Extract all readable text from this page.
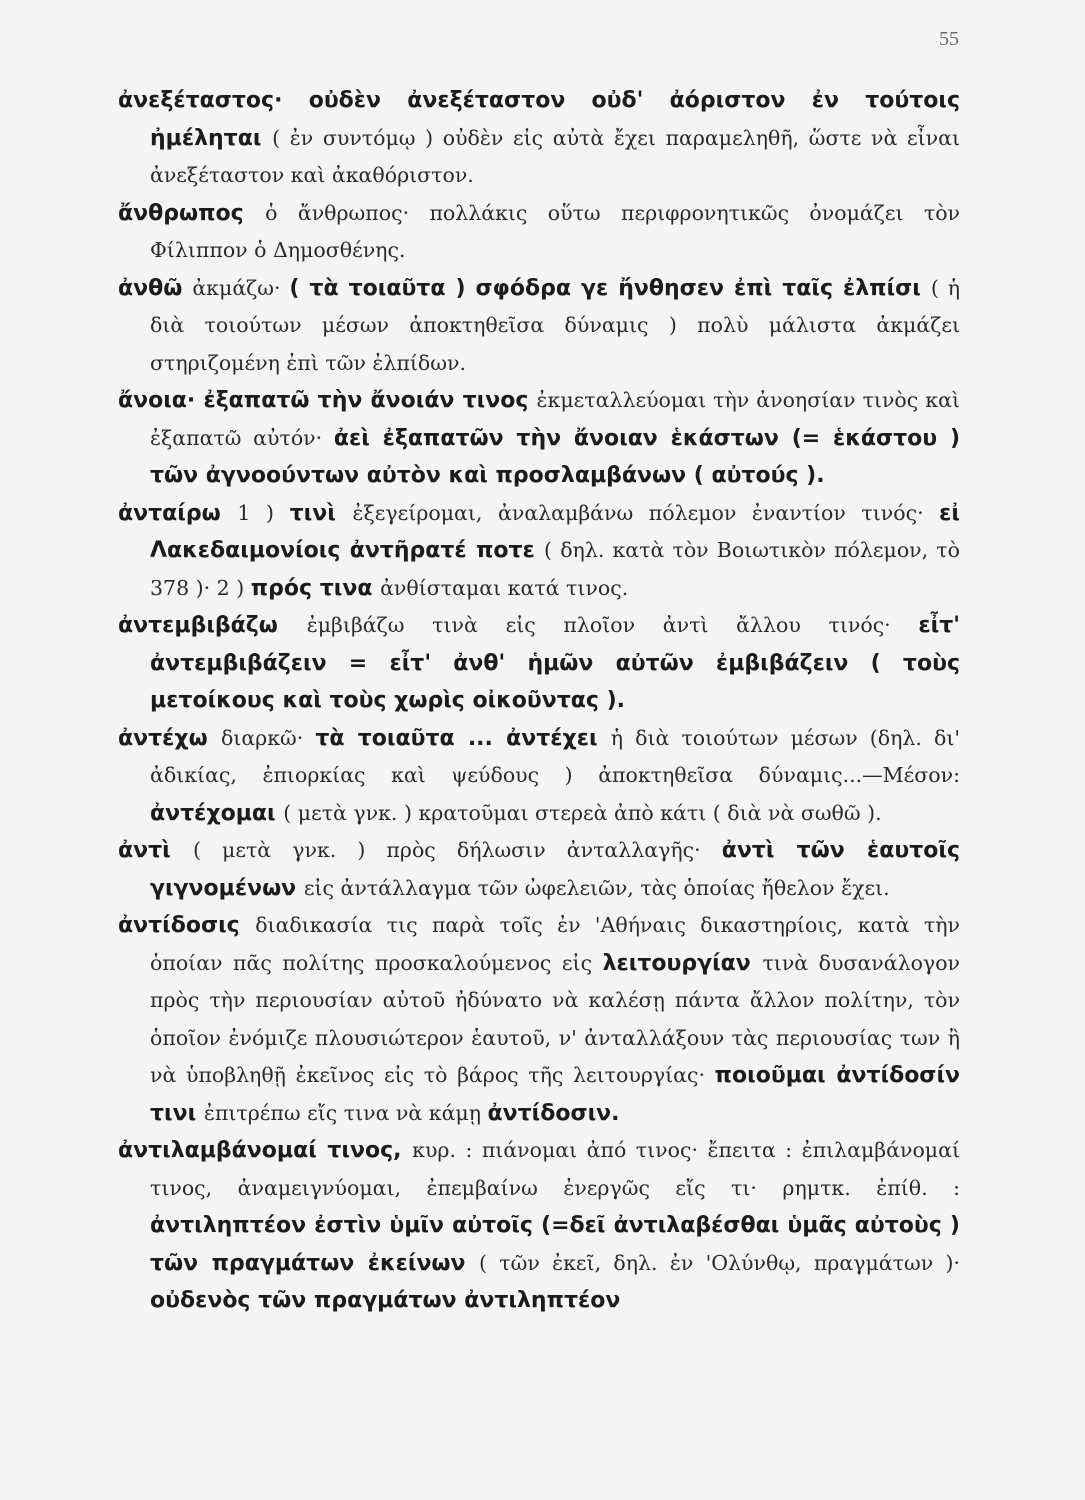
55
ἀνεξέταστος· οὐδὲν ἀνεξέταστον οὐδ' ἀόριστον ἐν τούτοις ἠμέληται ( ἐν συντόμῳ ) οὐδὲν εἰς αὐτὰ ἔχει παραμεληθῆ, ὥστε νὰ εἶναι ἀνεξέταστον καὶ ἀκαθόριστον.
ἄνθρωπος ὁ ἄνθρωπος· πολλάκις οὕτω περιφρονητικῶς ὀνομάζει τὸν Φίλιππον ὁ Δημοσθένης.
ἀνθῶ ἀκμάζω· ( τὰ τοιαῦτα ) σφόδρα γε ἤνθησεν ἐπὶ ταῖς ἐλπίσι ( ἡ διὰ τοιούτων μέσων ἀποκτηθεῖσα δύναμις ) πολὺ μάλιστα ἀκμάζει στηριζομένη ἐπὶ τῶν ἐλπίδων.
ἄνοια· ἐξαπατῶ τὴν ἄνοιάν τινος ἐκμεταλλεύομαι τὴν ἀνοησίαν τινὸς καὶ ἐξαπατῶ αὐτόν· ἀεὶ ἐξαπατῶν τὴν ἄνοιαν ἑκάστων (= ἑκάστου ) τῶν ἀγνοούντων αὐτὸν καὶ προσλαμβάνων ( αὐτούς ).
ἀνταίρω 1 ) τινὶ ἐξεγείρομαι, ἀναλαμβάνω πόλεμον ἐναντίον τινός· εἰ Λακεδαιμονίοις ἀντῆρατέ ποτε ( δηλ. κατὰ τὸν Βοιωτικὸν πόλεμον, τὸ 378 )· 2 ) πρός τινα ἀνθίσταμαι κατά τινος.
ἀντεμβιβάζω ἐμβιβάζω τινὰ εἰς πλοῖον ἀντὶ ἄλλου τινός· εἶτ' ἀντεμβιβάζειν = εἶτ' ἀνθ' ἡμῶν αὐτῶν ἐμβιβάζειν ( τοὺς μετοίκους καὶ τοὺς χωρὶς οἰκοῦντας ).
ἀντέχω διαρκῶ· τὰ τοιαῦτα ... ἀντέχει ἡ διὰ τοιούτων μέσων (δηλ. δι' ἀδικίας, ἐπιορκίας καὶ ψεύδους ) ἀποκτηθεῖσα δύναμις...—Μέσον: ἀντέχομαι ( μετὰ γνκ. ) κρατοῦμαι στερεὰ ἀπὸ κάτι ( διὰ νὰ σωθῶ ).
ἀντὶ ( μετὰ γνκ. ) πρὸς δήλωσιν ἀνταλλαγῆς· ἀντὶ τῶν ἑαυτοῖς γιγνομένων εἰς ἀντάλλαγμα τῶν ὠφελειῶν, τὰς ὁποίας ἤθελον ἔχει.
ἀντίδοσις διαδικασία τις παρὰ τοῖς ἐν 'Αθήναις δικαστηρίοις, κατὰ τὴν ὁποίαν πᾶς πολίτης προσκαλούμενος εἰς λειτουργίαν τινὰ δυσανάλογον πρὸς τὴν περιουσίαν αὐτοῦ ἠδύνατο νὰ καλέσῃ πάντα ἄλλον πολίτην, τὸν ὁποῖον ἐνόμιζε πλουσιώτερον ἑαυτοῦ, ν' ἀνταλλάξουν τὰς περιουσίας των ἢ νὰ ὑποβληθῇ ἐκεῖνος εἰς τὸ βάρος τῆς λειτουργίας· ποιοῦμαι ἀντίδοσίν τινι ἐπιτρέπω εἴς τινα νὰ κάμῃ ἀντίδοσιν.
ἀντιλαμβάνομαί τινος, κυρ. : πιάνομαι ἀπό τινος· ἔπειτα : ἐπιλαμβάνομαί τινος, ἀναμειγνύομαι, ἐπεμβαίνω ἐνεργῶς εἴς τι· ρημτκ. ἐπίθ. : ἀντιληπτέον ἐστὶν ὑμῖν αὐτοῖς (=δεῖ ἀντιλαβέσθαι ὑμᾶς αὐτοὺς ) τῶν πραγμάτων ἐκείνων ( τῶν ἐκεῖ, δηλ. ἐν 'Ολύνθῳ, πραγμάτων )· οὐδενὸς τῶν πραγμάτων ἀντιληπτέον
